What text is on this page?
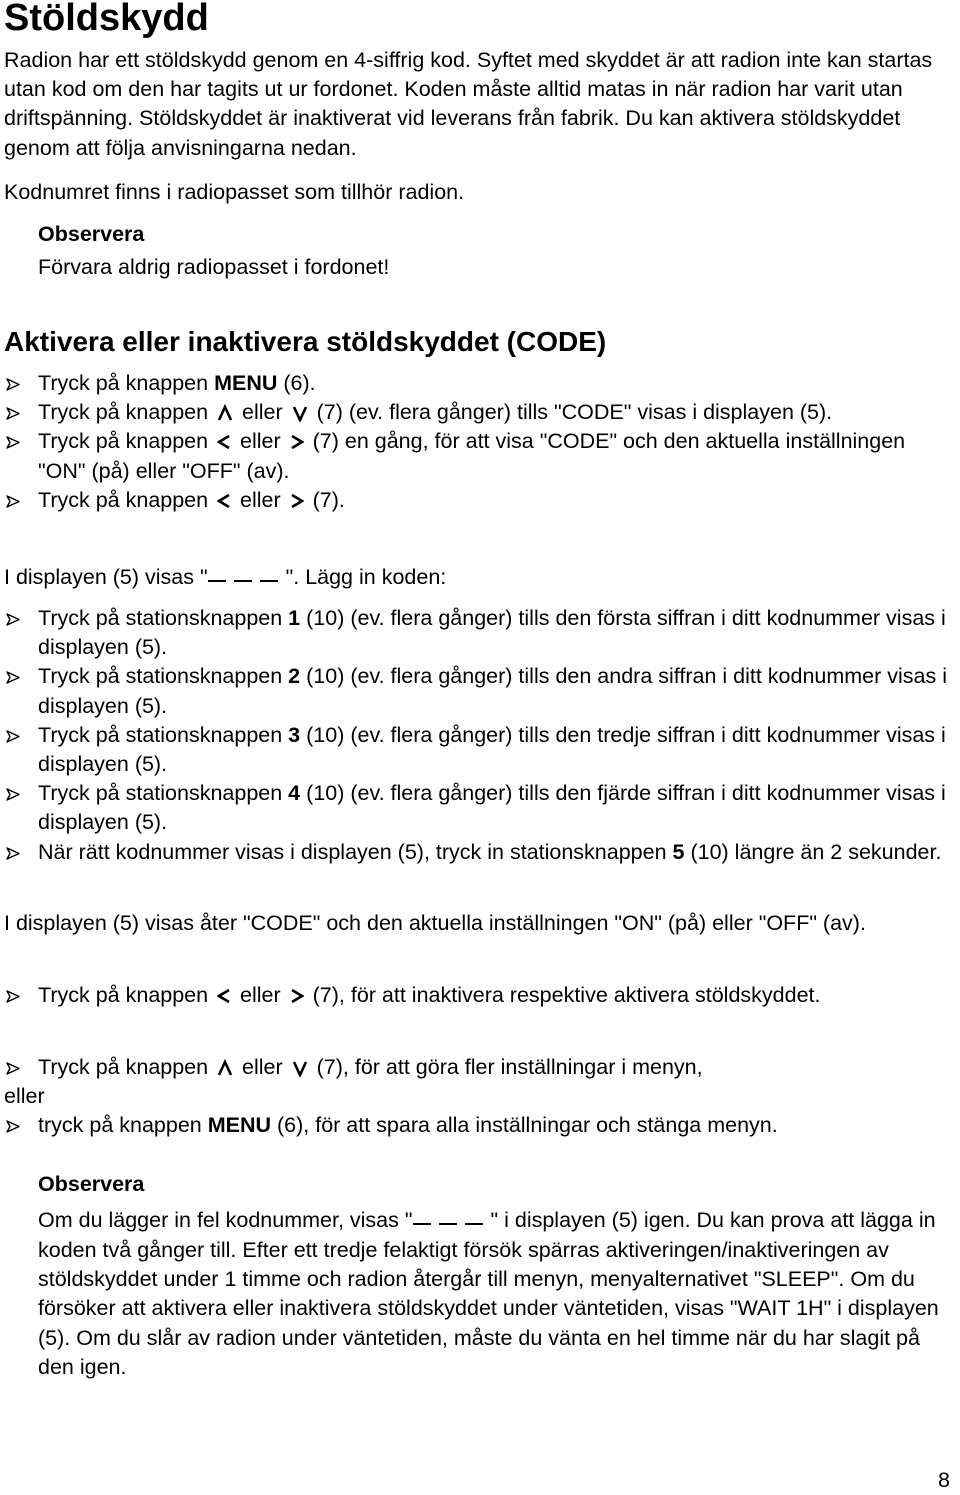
Stöldskydd
Radion har ett stöldskydd genom en 4-siffrig kod. Syftet med skyddet är att radion inte kan startas utan kod om den har tagits ut ur fordonet. Koden måste alltid matas in när radion har varit utan driftspänning. Stöldskyddet är inaktiverat vid leverans från fabrik. Du kan aktivera stöldskyddet genom att följa anvisningarna nedan.
Kodnumret finns i radiopasset som tillhör radion.
Observera
Förvara aldrig radiopasset i fordonet!
Aktivera eller inaktivera stöldskyddet (CODE)
Tryck på knappen MENU (6).
Tryck på knappen
eller
(7) (ev. flera gånger) tills "CODE" visas i displayen (5).
Tryck på knappen
eller
(7) en gång, för att visa "CODE" och den aktuella inställningen "ON" (på) eller "OFF" (av).
Tryck på knappen
eller
(7).
I displayen (5) visas "	". Lägg in koden:
Tryck på stationsknappen 1 (10) (ev. flera gånger) tills den första siffran i ditt kodnummer visas i displayen (5).
Tryck på stationsknappen 2 (10) (ev. flera gånger) tills den andra siffran i ditt kodnummer visas i displayen (5).
Tryck på stationsknappen 3 (10) (ev. flera gånger) tills den tredje siffran i ditt kodnummer visas i displayen (5).
Tryck på stationsknappen 4 (10) (ev. flera gånger) tills den fjärde siffran i ditt kodnummer visas i displayen (5).
När rätt kodnummer visas i displayen (5), tryck in stationsknappen 5 (10) längre än 2 sekunder.
I displayen (5) visas åter "CODE" och den aktuella inställningen "ON" (på) eller "OFF" (av).
Tryck på knappen
eller
(7), för att inaktivera respektive aktivera stöldskyddet.
Tryck på knappen
eller
(7), för att göra fler inställningar i menyn,
eller
tryck på knappen MENU (6), för att spara alla inställningar och stänga menyn.
Observera
Om du lägger in fel kodnummer, visas "	" i displayen (5) igen. Du kan prova att lägga in koden två gånger till. Efter ett tredje felaktigt försök spärras aktiveringen/inaktiveringen av stöldskyddet under 1 timme och radion återgår till menyn, menyalternativet "SLEEP". Om du försöker att aktivera eller inaktivera stöldskyddet under väntetiden, visas "WAIT 1H" i displayen (5). Om du slår av radion under väntetiden, måste du vänta en hel timme när du har slagit på den igen.
8
